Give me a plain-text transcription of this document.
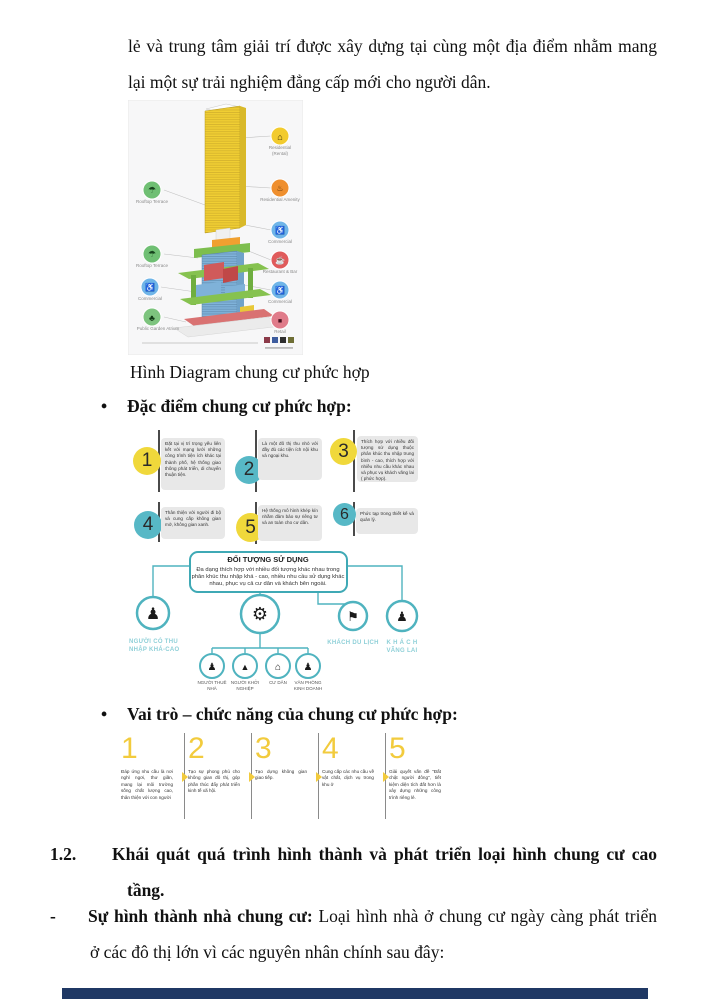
lẻ và trung tâm giải trí được xây dựng tại cùng một địa điểm nhằm mang
lại một sự trải nghiệm đẳng cấp mới cho người dân.
☂
Rooftop Terrace
☂
Rooftop Terrace
♿
Commercial
♣
Public Garden Atrium
⌂
Residential
(Rental)
♨
Residential Amenity
♿
Commercial
☕
Restaurant & Bar
♿
Commercial
■
Retail
Hình Diagram chung cư phức hợp
• Đặc điểm chung cư phức hợp:
1
Đặt tại vị trí trọng yếu liên kết với mạng lưới những công trình tiện ích khác tại thành phố, hệ thống giao thông phát triển, di chuyển thuận tiện.	2
Là một đô thị thu nhỏ với đầy đủ các tiện ích nội khu và ngoại khu.	3	Thích hợp với nhiều đối tượng sử dụng thuộc phân khúc thu nhập trung bình - cao, thích hợp với nhiều nhu cầu khác nhau và phục vụ khách vãng lai ( phức hợp).
4
Thân thiện với người đi bộ và cung cấp không gian mở, không gian xanh.	5
Hệ thống mô hình khép kín nhằm đảm bảo sự riêng tư và an toàn cho cư dân.
6	Phức tạp trong thiết kế và quản lý.
ĐỐI TƯỢNG SỬ DỤNG
Đa dạng thích hợp với nhiều đối tượng khác nhau trong
phân khúc thu nhập khá - cao, nhiều nhu cầu sử dụng khác
nhau, phục vụ cả cư dân và khách bên ngoài.
♟	⚙	⚑	♟
NGƯỜI CÓ THU
NHẬP KHÁ-CAO
KHÁCH DU LỊCH K H Á C H
VÃNG LAI
♟	▲	⌂ ♟
NGƯỜI THUÊ
NHÀ
NGƯỜI KHỞI
NGHIỆP
CƯ DÂN VĂN PHÒNG
KINH DOANH
• Vai trò – chức năng của chung cư phức hợp:
1
Đáp ứng nhu cầu là nơi nghỉ ngơi, thư giãn, mang lại môi trường sống chất lượng cao, thân thiện với con người
2
Tạo sự phong phú cho không gian đô thị, góp phần thúc đẩy phát triển kinh tế xã hội.
3
Tạo dựng không gian giao tiếp.
4
Cung cấp các nhu cầu về vật chất, dịch vụ trong khu ở
5
Giải quyết vấn đề "Đất chật người đông", tiết kiệm diện tích đất hơn là xây dựng những công trình riêng lẻ.
1.2. Khái quát quá trình hình thành và phát triển loại hình chung cư cao
tầng.
- Sự hình thành nhà chung cư: Loại hình nhà ở chung cư ngày càng phát triển
ở các đô thị lớn vì các nguyên nhân chính sau đây:
